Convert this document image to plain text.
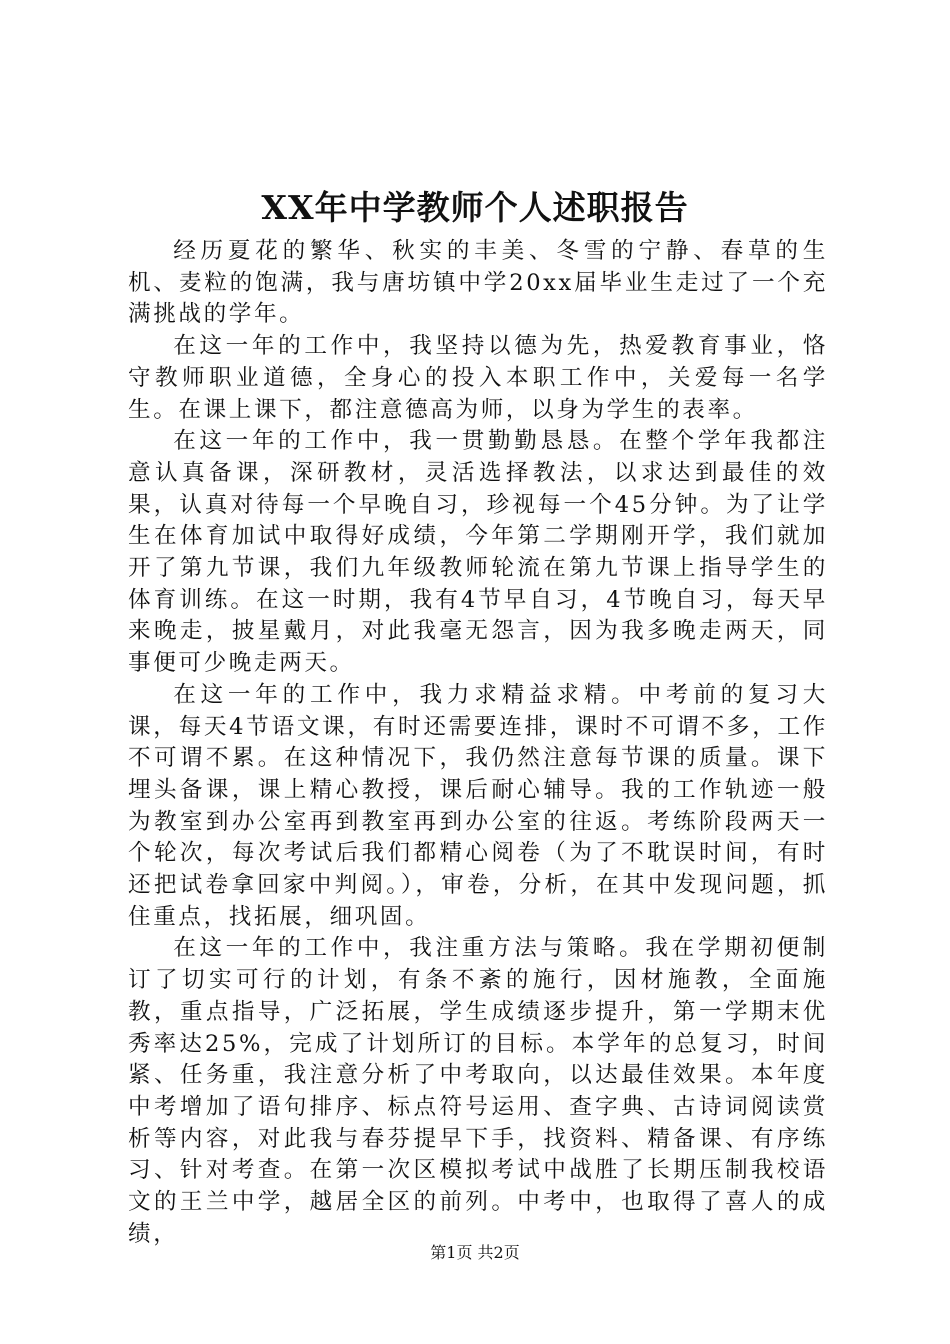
XX年中学教师个人述职报告

经历夏花的繁华、秋实的丰美、冬雪的宁静、春草的生机、麦粒的饱满，我与唐坊镇中学20xx届毕业生走过了一个充满挑战的学年。

在这一年的工作中，我坚持以德为先，热爱教育事业，恪守教师职业道德，全身心的投入本职工作中，关爱每一名学生。在课上课下，都注意德高为师，以身为学生的表率。

在这一年的工作中，我一贯勤勤恳恳。在整个学年我都注意认真备课，深研教材，灵活选择教法，以求达到最佳的效果，认真对待每一个早晚自习，珍视每一个45分钟。为了让学生在体育加试中取得好成绩，今年第二学期刚开学，我们就加开了第九节课，我们九年级教师轮流在第九节课上指导学生的体育训练。在这一时期，我有4节早自习，4节晚自习，每天早来晚走，披星戴月，对此我毫无怨言，因为我多晚走两天，同事便可少晚走两天。

在这一年的工作中，我力求精益求精。中考前的复习大课，每天4节语文课，有时还需要连排，课时不可谓不多，工作不可谓不累。在这种情况下，我仍然注意每节课的质量。课下埋头备课，课上精心教授，课后耐心辅导。我的工作轨迹一般为教室到办公室再到教室再到办公室的往返。考练阶段两天一个轮次，每次考试后我们都精心阅卷（为了不耽误时间，有时还把试卷拿回家中判阅。），审卷，分析，在其中发现问题，抓住重点，找拓展，细巩固。

在这一年的工作中，我注重方法与策略。我在学期初便制订了切实可行的计划，有条不紊的施行，因材施教，全面施教，重点指导，广泛拓展，学生成绩逐步提升，第一学期末优秀率达25%，完成了计划所订的目标。本学年的总复习，时间紧、任务重，我注意分析了中考取向，以达最佳效果。本年度中考增加了语句排序、标点符号运用、查字典、古诗词阅读赏析等内容，对此我与春芬提早下手，找资料、精备课、有序练习、针对考查。在第一次区模拟考试中战胜了长期压制我校语文的王兰中学，越居全区的前列。中考中，也取得了喜人的成绩，

第1页 共2页
